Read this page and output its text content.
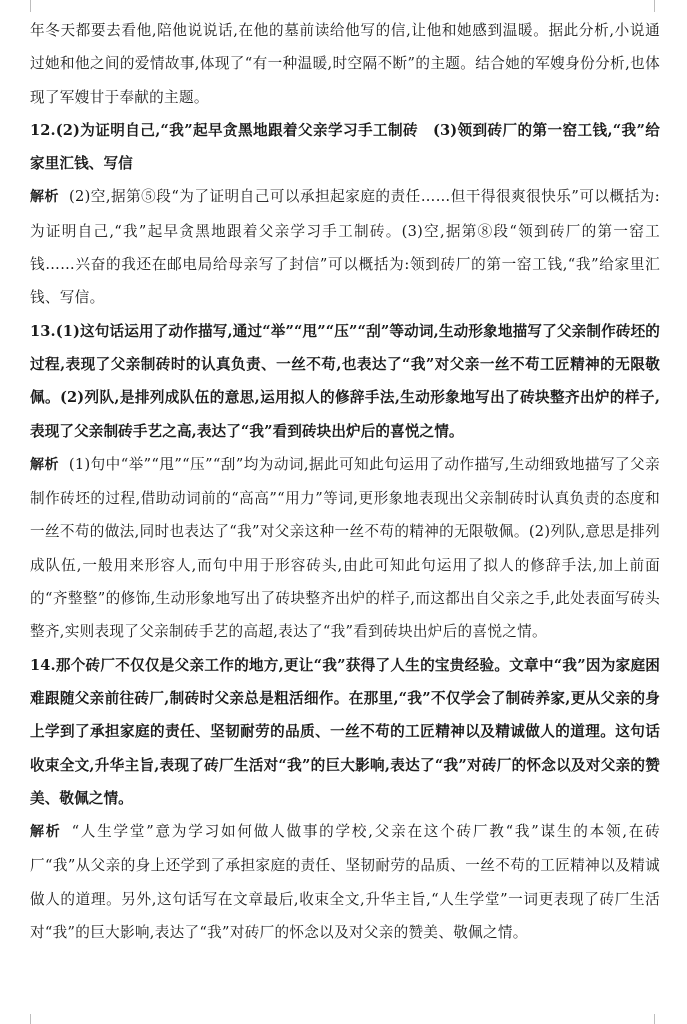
年冬天都要去看他,陪他说说话,在他的墓前读给他写的信,让他和她感到温暖。据此分析,小说通过她和他之间的爱情故事,体现了“有一种温暖,时空隔不断”的主题。结合她的军嫂身份分析,也体现了军嫂甘于奉献的主题。

12.(2)为证明自己,“我”起早贪黑地跟着父亲学习手工制砖　(3)领到砖厂的第一窑工钱,“我”给家里汇钱、写信

解析 (2)空,据第⑤段“为了证明自己可以承担起家庭的责任……但干得很爽很快乐”可以概括为:为证明自己,“我”起早贪黑地跟着父亲学习手工制砖。(3)空,据第⑧段“领到砖厂的第一窑工钱……兴奋的我还在邮电局给母亲写了封信”可以概括为:领到砖厂的第一窑工钱,“我”给家里汇钱、写信。

13.(1)这句话运用了动作描写,通过“举”“甩”“压”“刮”等动词,生动形象地描写了父亲制作砖坯的过程,表现了父亲制砖时的认真负责、一丝不苟,也表达了“我”对父亲一丝不苟工匠精神的无限敬佩。(2)列队,是排列成队伍的意思,运用拟人的修辞手法,生动形象地写出了砖块整齐出炉的样子,表现了父亲制砖手艺之高,表达了“我”看到砖块出炉后的喜悦之情。

解析 (1)句中“举”“甩”“压”“刮”均为动词,据此可知此句运用了动作描写,生动细致地描写了父亲制作砖坯的过程,借助动词前的“高高”“用力”等词,更形象地表现出父亲制砖时认真负责的态度和一丝不苟的做法,同时也表达了“我”对父亲这种一丝不苟的精神的无限敬佩。(2)列队,意思是排列成队伍,一般用来形容人,而句中用于形容砖头,由此可知此句运用了拟人的修辞手法,加上前面的“齐整整”的修饰,生动形象地写出了砖块整齐出炉的样子,而这都出自父亲之手,此处表面写砖头整齐,实则表现了父亲制砖手艺的高超,表达了“我”看到砖块出炉后的喜悦之情。

14.那个砖厂不仅仅是父亲工作的地方,更让“我”获得了人生的宝贵经验。文章中“我”因为家庭困难跟随父亲前往砖厂,制砖时父亲总是粗活细作。在那里,“我”不仅学会了制砖养家,更从父亲的身上学到了承担家庭的责任、坚韧耐劳的品质、一丝不苟的工匠精神以及精诚做人的道理。这句话收束全文,升华主旨,表现了砖厂生活对“我”的巨大影响,表达了“我”对砖厂的怀念以及对父亲的赞美、敬佩之情。

解析 “人生学堂”意为学习如何做人做事的学校,父亲在这个砖厂教“我”谋生的本领,在砖厂“我”从父亲的身上还学到了承担家庭的责任、坚韧耐劳的品质、一丝不苟的工匠精神以及精诚做人的道理。另外,这句话写在文章最后,收束全文,升华主旨,“人生学堂”一词更表现了砖厂生活对“我”的巨大影响,表达了“我”对砖厂的怀念以及对父亲的赞美、敬佩之情。
